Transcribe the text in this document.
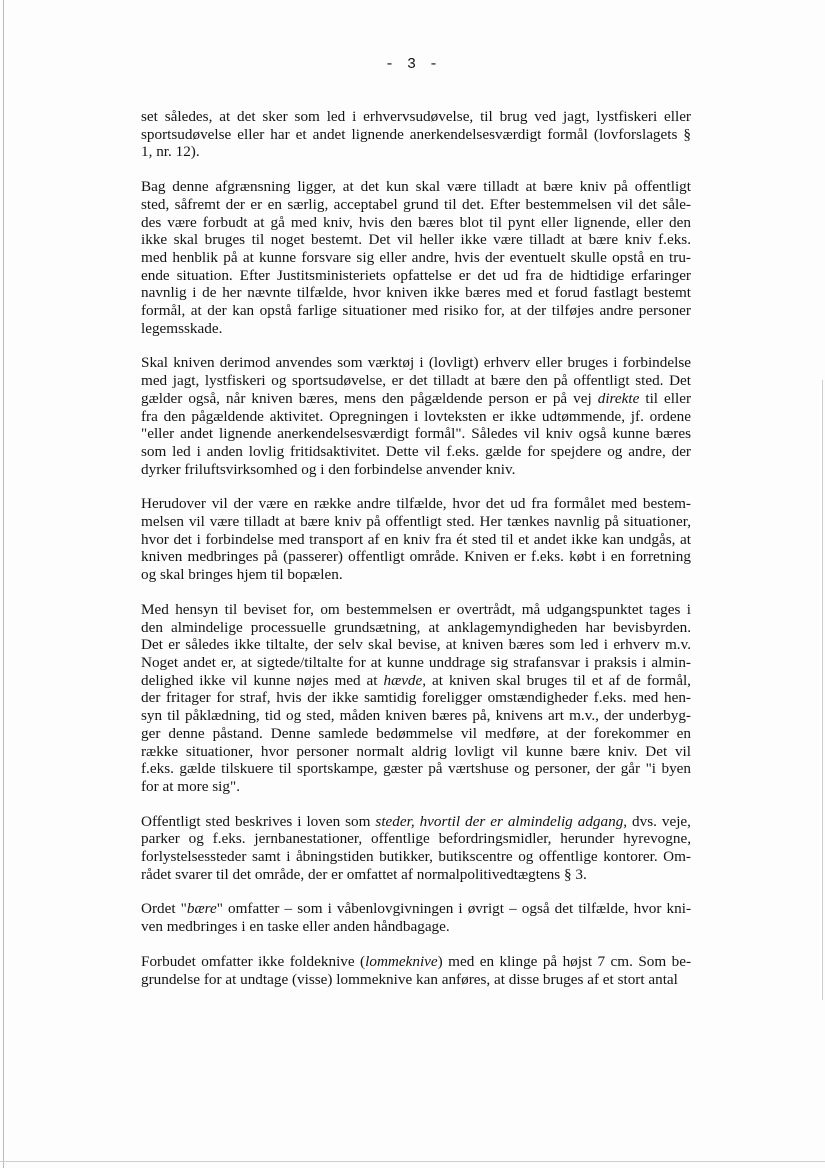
- 3 -

set således, at det sker som led i erhvervsudøvelse, til brug ved jagt, lystfiskeri eller
sportsudøvelse eller har et andet lignende anerkendelsesværdigt formål (lovforslagets §
1, nr. 12).

Bag denne afgrænsning ligger, at det kun skal være tilladt at bære kniv på offentligt
sted, såfremt der er en særlig, acceptabel grund til det. Efter bestemmelsen vil det såle-
des være forbudt at gå med kniv, hvis den bæres blot til pynt eller lignende, eller den
ikke skal bruges til noget bestemt. Det vil heller ikke være tilladt at bære kniv f.eks.
med henblik på at kunne forsvare sig eller andre, hvis der eventuelt skulle opstå en tru-
ende situation. Efter Justitsministeriets opfattelse er det ud fra de hidtidige erfaringer
navnlig i de her nævnte tilfælde, hvor kniven ikke bæres med et forud fastlagt bestemt
formål, at der kan opstå farlige situationer med risiko for, at der tilføjes andre personer
legemsskade.

Skal kniven derimod anvendes som værktøj i (lovligt) erhverv eller bruges i forbindelse
med jagt, lystfiskeri og sportsudøvelse, er det tilladt at bære den på offentligt sted. Det
gælder også, når kniven bæres, mens den pågældende person er på vej direkte til eller
fra den pågældende aktivitet. Opregningen i lovteksten er ikke udtømmende, jf. ordene
"eller andet lignende anerkendelsesværdigt formål". Således vil kniv også kunne bæres
som led i anden lovlig fritidsaktivitet. Dette vil f.eks. gælde for spejdere og andre, der
dyrker friluftsvirksomhed og i den forbindelse anvender kniv.

Herudover vil der være en række andre tilfælde, hvor det ud fra formålet med bestem-
melsen vil være tilladt at bære kniv på offentligt sted. Her tænkes navnlig på situationer,
hvor det i forbindelse med transport af en kniv fra ét sted til et andet ikke kan undgås, at
kniven medbringes på (passerer) offentligt område. Kniven er f.eks. købt i en forretning
og skal bringes hjem til bopælen.

Med hensyn til beviset for, om bestemmelsen er overtrådt, må udgangspunktet tages i
den almindelige processuelle grundsætning, at anklagemyndigheden har bevisbyrden.
Det er således ikke tiltalte, der selv skal bevise, at kniven bæres som led i erhverv m.v.
Noget andet er, at sigtede/tiltalte for at kunne unddrage sig strafansvar i praksis i almin-
delighed ikke vil kunne nøjes med at hævde, at kniven skal bruges til et af de formål,
der fritager for straf, hvis der ikke samtidig foreligger omstændigheder f.eks. med hen-
syn til påklædning, tid og sted, måden kniven bæres på, knivens art m.v., der underbyg-
ger denne påstand. Denne samlede bedømmelse vil medføre, at der forekommer en
række situationer, hvor personer normalt aldrig lovligt vil kunne bære kniv. Det vil
f.eks. gælde tilskuere til sportskampe, gæster på værtshuse og personer, der går "i byen
for at more sig".

Offentligt sted beskrives i loven som steder, hvortil der er almindelig adgang, dvs. veje,
parker og f.eks. jernbanestationer, offentlige befordringsmidler, herunder hyrevogne,
forlystelsessteder samt i åbningstiden butikker, butikscentre og offentlige kontorer. Om-
rådet svarer til det område, der er omfattet af normalpolitivedtægtens § 3.

Ordet "bære" omfatter – som i våbenlovgivningen i øvrigt – også det tilfælde, hvor kni-
ven medbringes i en taske eller anden håndbagage.

Forbudet omfatter ikke foldeknive (lommeknive) med en klinge på højst 7 cm. Som be-
grundelse for at undtage (visse) lommeknive kan anføres, at disse bruges af et stort antal
